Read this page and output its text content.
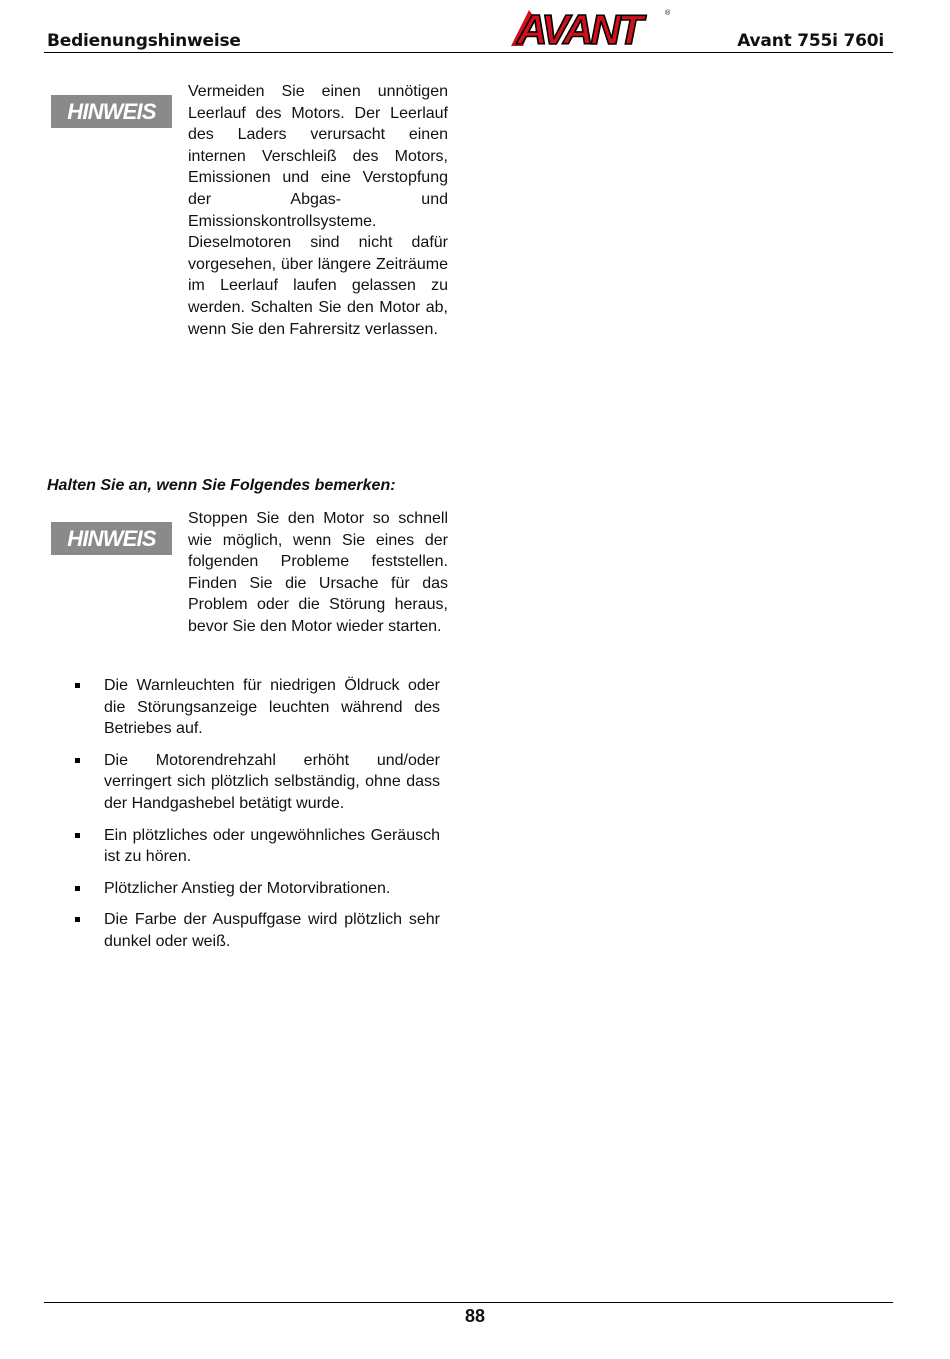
Bedienungshinweise	AVANT	®
Avant 755i 760i
HINWEIS
Vermeiden Sie einen unnötigen Leerlauf des Motors. Der Leerlauf des Laders verursacht einen internen Verschleiß des Motors, Emissionen und eine Verstopfung der Abgas- und Emissionskontrollsysteme. Dieselmotoren sind nicht dafür vorgesehen, über längere Zeiträume im Leerlauf laufen gelassen zu werden. Schalten Sie den Motor ab, wenn Sie den Fahrersitz verlassen.
Halten Sie an, wenn Sie Folgendes bemerken:
HINWEIS
Stoppen Sie den Motor so schnell wie möglich, wenn Sie eines der folgenden Probleme feststellen. Finden Sie die Ursache für das Problem oder die Störung heraus, bevor Sie den Motor wieder starten.
Die Warnleuchten für niedrigen Öldruck oder die Störungsanzeige leuchten während des Betriebes auf.
Die Motorendrehzahl erhöht und/oder verringert sich plötzlich selbständig, ohne dass der Handgashebel betätigt wurde.
Ein plötzliches oder ungewöhnliches Geräusch ist zu hören.
Plötzlicher Anstieg der Motorvibrationen.
Die Farbe der Auspuffgase wird plötzlich sehr dunkel oder weiß.
88
